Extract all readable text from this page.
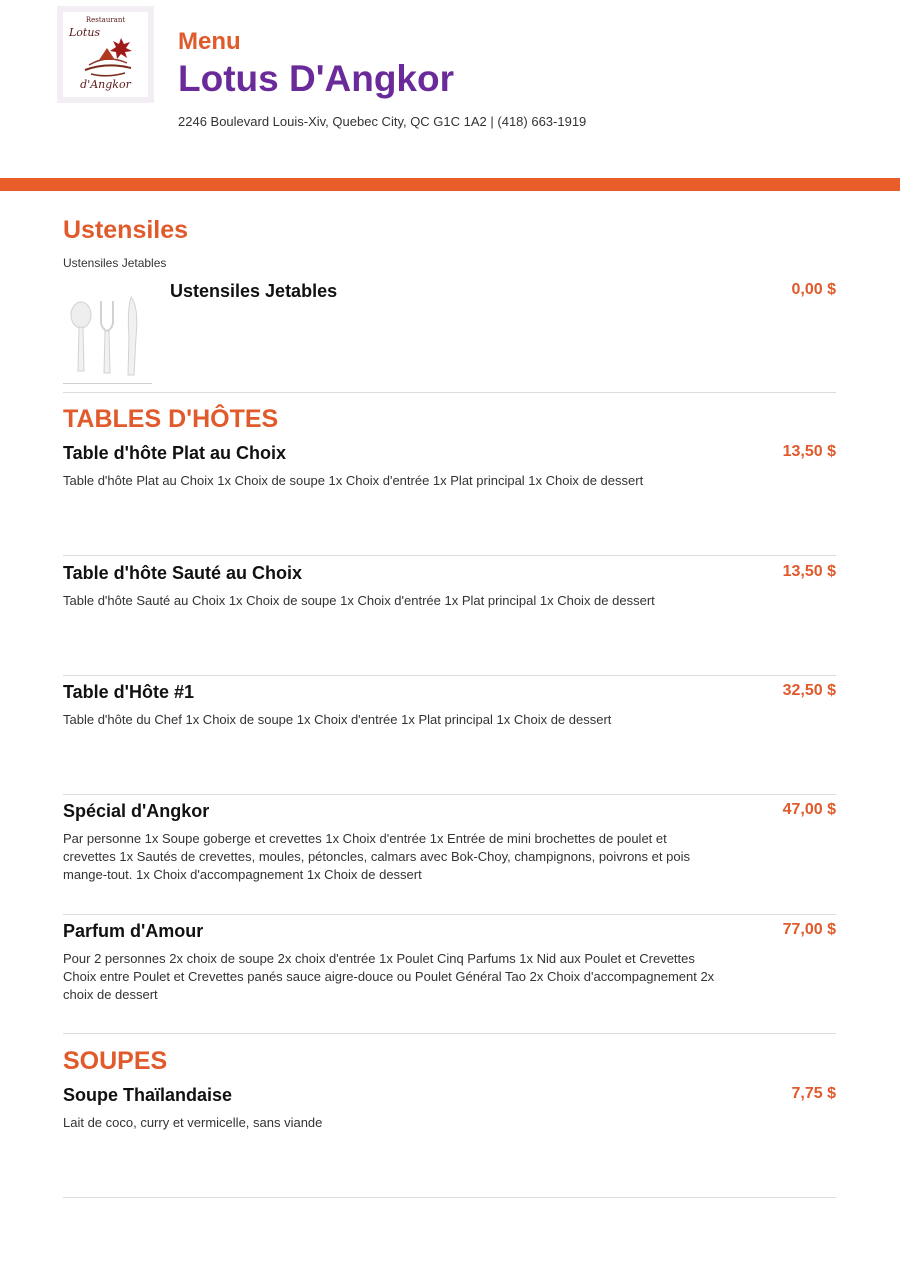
Restaurant
Lotus
d'Angkor
Menu
Lotus D'Angkor
2246 Boulevard Louis-Xiv, Quebec City, QC G1C 1A2 | (418) 663-1919
Ustensiles
Ustensiles Jetables
Ustensiles Jetables	0,00 $
TABLES D'HÔTES
Table d'hôte Plat au Choix	13,50 $
Table d'hôte Plat au Choix 1x Choix de soupe 1x Choix d'entrée 1x Plat principal 1x Choix de dessert
Table d'hôte Sauté au Choix	13,50 $
Table d'hôte Sauté au Choix 1x Choix de soupe 1x Choix d'entrée 1x Plat principal 1x Choix de dessert
Table d'Hôte #1	32,50 $
Table d'hôte du Chef 1x Choix de soupe 1x Choix d'entrée 1x Plat principal 1x Choix de dessert
Spécial d'Angkor	47,00 $
Par personne 1x Soupe goberge et crevettes 1x Choix d'entrée 1x Entrée de mini brochettes de poulet et crevettes 1x Sautés de crevettes, moules, pétoncles, calmars avec Bok-Choy, champignons, poivrons et pois mange-tout. 1x Choix d'accompagnement 1x Choix de dessert
Parfum d'Amour	77,00 $
Pour 2 personnes 2x choix de soupe 2x choix d'entrée 1x Poulet Cinq Parfums 1x Nid aux Poulet et Crevettes Choix entre Poulet et Crevettes panés sauce aigre-douce ou Poulet Général Tao 2x Choix d'accompagnement 2x choix de dessert
SOUPES
Soupe Thaïlandaise	7,75 $
Lait de coco, curry et vermicelle, sans viande
